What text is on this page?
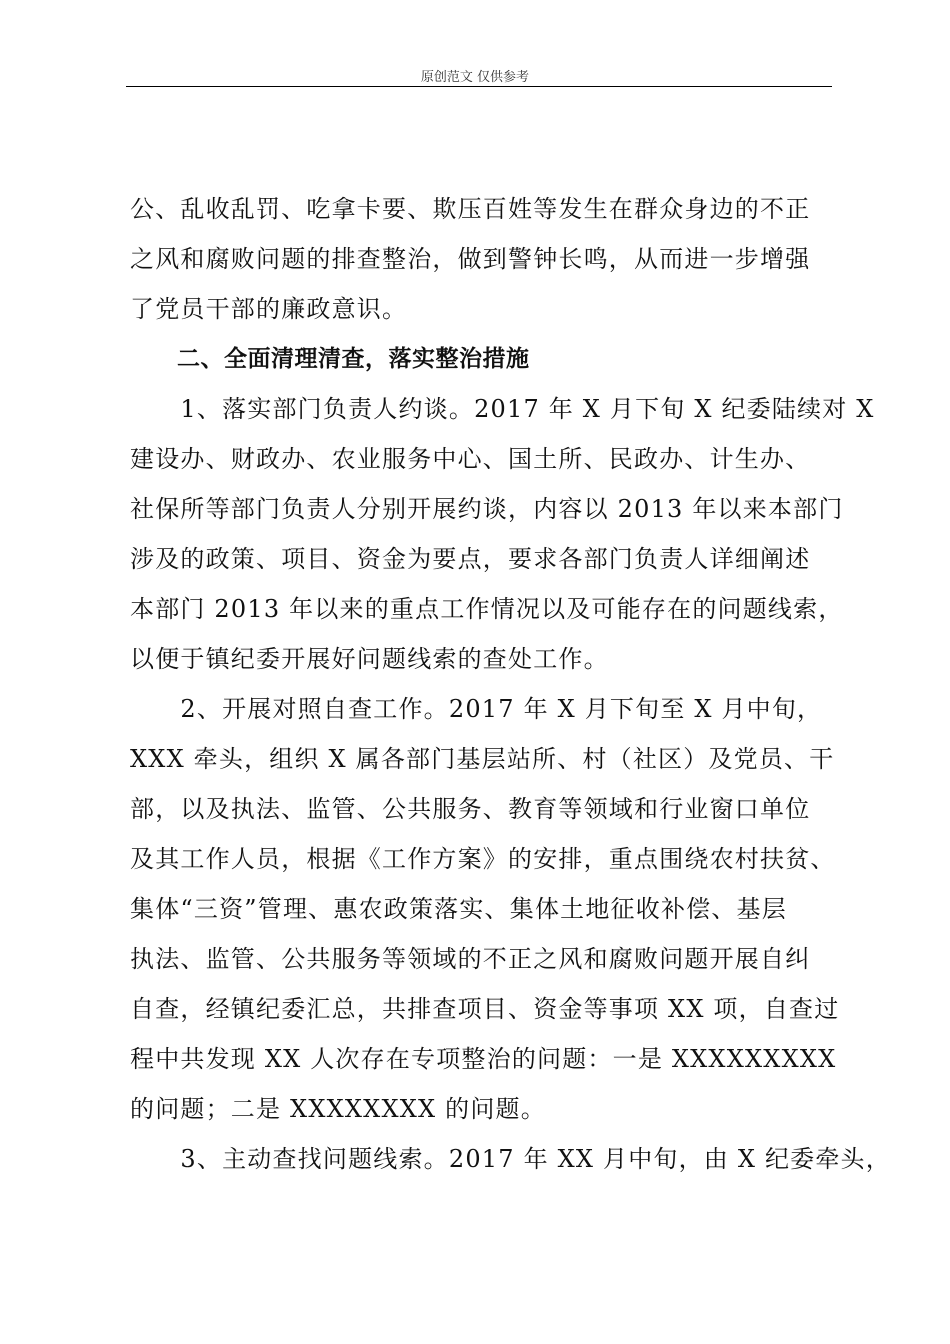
原创范文 仅供参考
公、乱收乱罚、吃拿卡要、欺压百姓等发生在群众身边的不正
之风和腐败问题的排查整治，做到警钟长鸣，从而进一步增强
了党员干部的廉政意识。
　　二、全面清理清查，落实整治措施
　　1、落实部门负责人约谈。2017 年 X 月下旬 X 纪委陆续对 X
建设办、财政办、农业服务中心、国土所、民政办、计生办、
社保所等部门负责人分别开展约谈，内容以 2013 年以来本部门
涉及的政策、项目、资金为要点，要求各部门负责人详细阐述
本部门 2013 年以来的重点工作情况以及可能存在的问题线索，
以便于镇纪委开展好问题线索的查处工作。
　　2、开展对照自查工作。2017 年 X 月下旬至 X 月中旬，
XXX 牵头，组织 X 属各部门基层站所、村（社区）及党员、干
部，以及执法、监管、公共服务、教育等领域和行业窗口单位
及其工作人员，根据《工作方案》的安排，重点围绕农村扶贫、
集体“三资”管理、惠农政策落实、集体土地征收补偿、基层
执法、监管、公共服务等领域的不正之风和腐败问题开展自纠
自查，经镇纪委汇总，共排查项目、资金等事项 XX 项，自查过
程中共发现 XX 人次存在专项整治的问题：一是 XXXXXXXXX
的问题；二是 XXXXXXXX 的问题。
　　3、主动查找问题线索。2017 年 XX 月中旬，由 X 纪委牵头，
